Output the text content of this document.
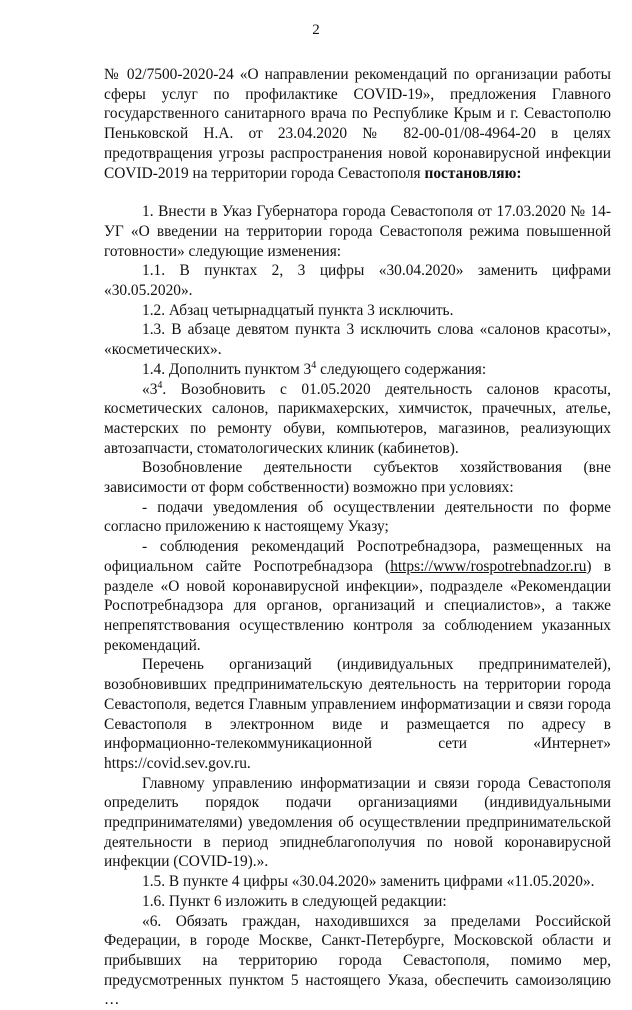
2

№ 02/7500-2020-24 «О направлении рекомендаций по организации работы сферы услуг по профилактике COVID-19», предложения Главного государственного санитарного врача по Республике Крым и г. Севастополю Пеньковской Н.А. от 23.04.2020 № 82-00-01/08-4964-20 в целях предотвращения угрозы распространения новой коронавирусной инфекции COVID-2019 на территории города Севастополя постановляю:

1. Внести в Указ Губернатора города Севастополя от 17.03.2020 № 14-УГ «О введении на территории города Севастополя режима повышенной готовности» следующие изменения:

1.1. В пунктах 2, 3 цифры «30.04.2020» заменить цифрами «30.05.2020».

1.2. Абзац четырнадцатый пункта 3 исключить.

1.3. В абзаце девятом пункта 3 исключить слова «салонов красоты», «косметических».

1.4. Дополнить пунктом $3^4$ следующего содержания:

«$3^4$. Возобновить с 01.05.2020 деятельность салонов красоты, косметических салонов, парикмахерских, химчисток, прачечных, ателье, мастерских по ремонту обуви, компьютеров, магазинов, реализующих автозапчасти, стоматологических клиник (кабинетов).

Возобновление деятельности субъектов хозяйствования (вне зависимости от форм собственности) возможно при условиях:

- подачи уведомления об осуществлении деятельности по форме согласно приложению к настоящему Указу;

- соблюдения рекомендаций Роспотребнадзора, размещенных на официальном сайте Роспотребнадзора (https://www/rospotrebnadzor.ru) в разделе «О новой коронавирусной инфекции», подразделе «Рекомендации Роспотребнадзора для органов, организаций и специалистов», а также непрепятствования осуществлению контроля за соблюдением указанных рекомендаций.

Перечень организаций (индивидуальных предпринимателей), возобновивших предпринимательскую деятельность на территории города Севастополя, ведется Главным управлением информатизации и связи города Севастополя в электронном виде и размещается по адресу в информационно-телекоммуникационной сети «Интернет» https://covid.sev.gov.ru.

Главному управлению информатизации и связи города Севастополя определить порядок подачи организациями (индивидуальными предпринимателями) уведомления об осуществлении предпринимательской деятельности в период эпиднеблагополучия по новой коронавирусной инфекции (COVID-19).».

1.5. В пункте 4 цифры «30.04.2020» заменить цифрами «11.05.2020».

1.6. Пункт 6 изложить в следующей редакции:

«6. Обязать граждан, находившихся за пределами Российской Федерации, в городе Москве, Санкт-Петербурге, Московской области и прибывших на территорию города Севастополя, помимо мер, предусмотренных пунктом 5 настоящего Указа, обеспечить самоизоляцию …
